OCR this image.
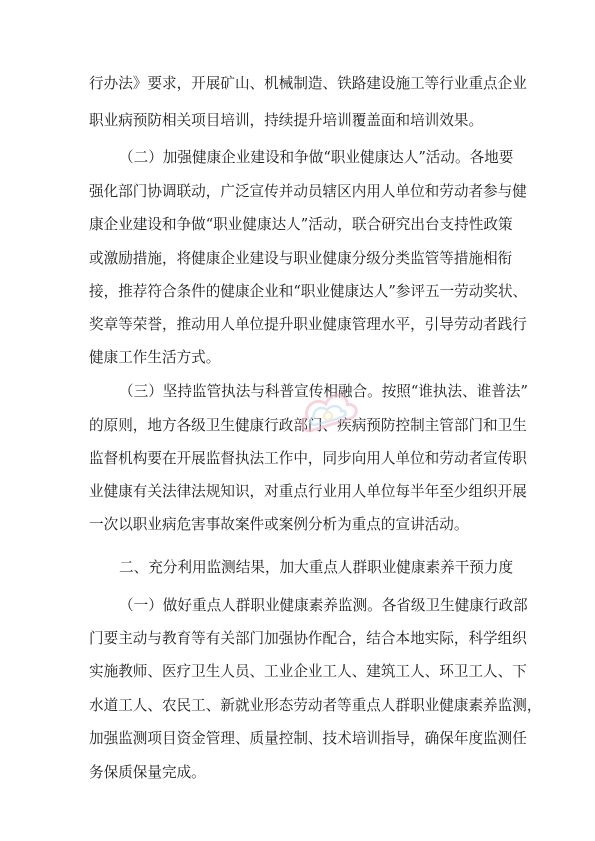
行办法》要求，开展矿山、机械制造、铁路建设施工等行业重点企业
职业病预防相关项目培训，持续提升培训覆盖面和培训效果。
（二）加强健康企业建设和争做“职业健康达人”活动。各地要
强化部门协调联动，广泛宣传并动员辖区内用人单位和劳动者参与健
康企业建设和争做“职业健康达人”活动，联合研究出台支持性政策
或激励措施，将健康企业建设与职业健康分级分类监管等措施相衔
接，推荐符合条件的健康企业和“职业健康达人”参评五一劳动奖状、
奖章等荣誉，推动用人单位提升职业健康管理水平，引导劳动者践行
健康工作生活方式。
（三）坚持监管执法与科普宣传相融合。按照“谁执法、谁普法”
的原则，地方各级卫生健康行政部门、疾病预防控制主管部门和卫生
监督机构要在开展监督执法工作中，同步向用人单位和劳动者宣传职
业健康有关法律法规知识，对重点行业用人单位每半年至少组织开展
一次以职业病危害事故案件或案例分析为重点的宣讲活动。
二、充分利用监测结果，加大重点人群职业健康素养干预力度
（一）做好重点人群职业健康素养监测。各省级卫生健康行政部
门要主动与教育等有关部门加强协作配合，结合本地实际，科学组织
实施教师、医疗卫生人员、工业企业工人、建筑工人、环卫工人、下
水道工人、农民工、新就业形态劳动者等重点人群职业健康素养监测，
加强监测项目资金管理、质量控制、技术培训指导，确保年度监测任
务保质保量完成。
